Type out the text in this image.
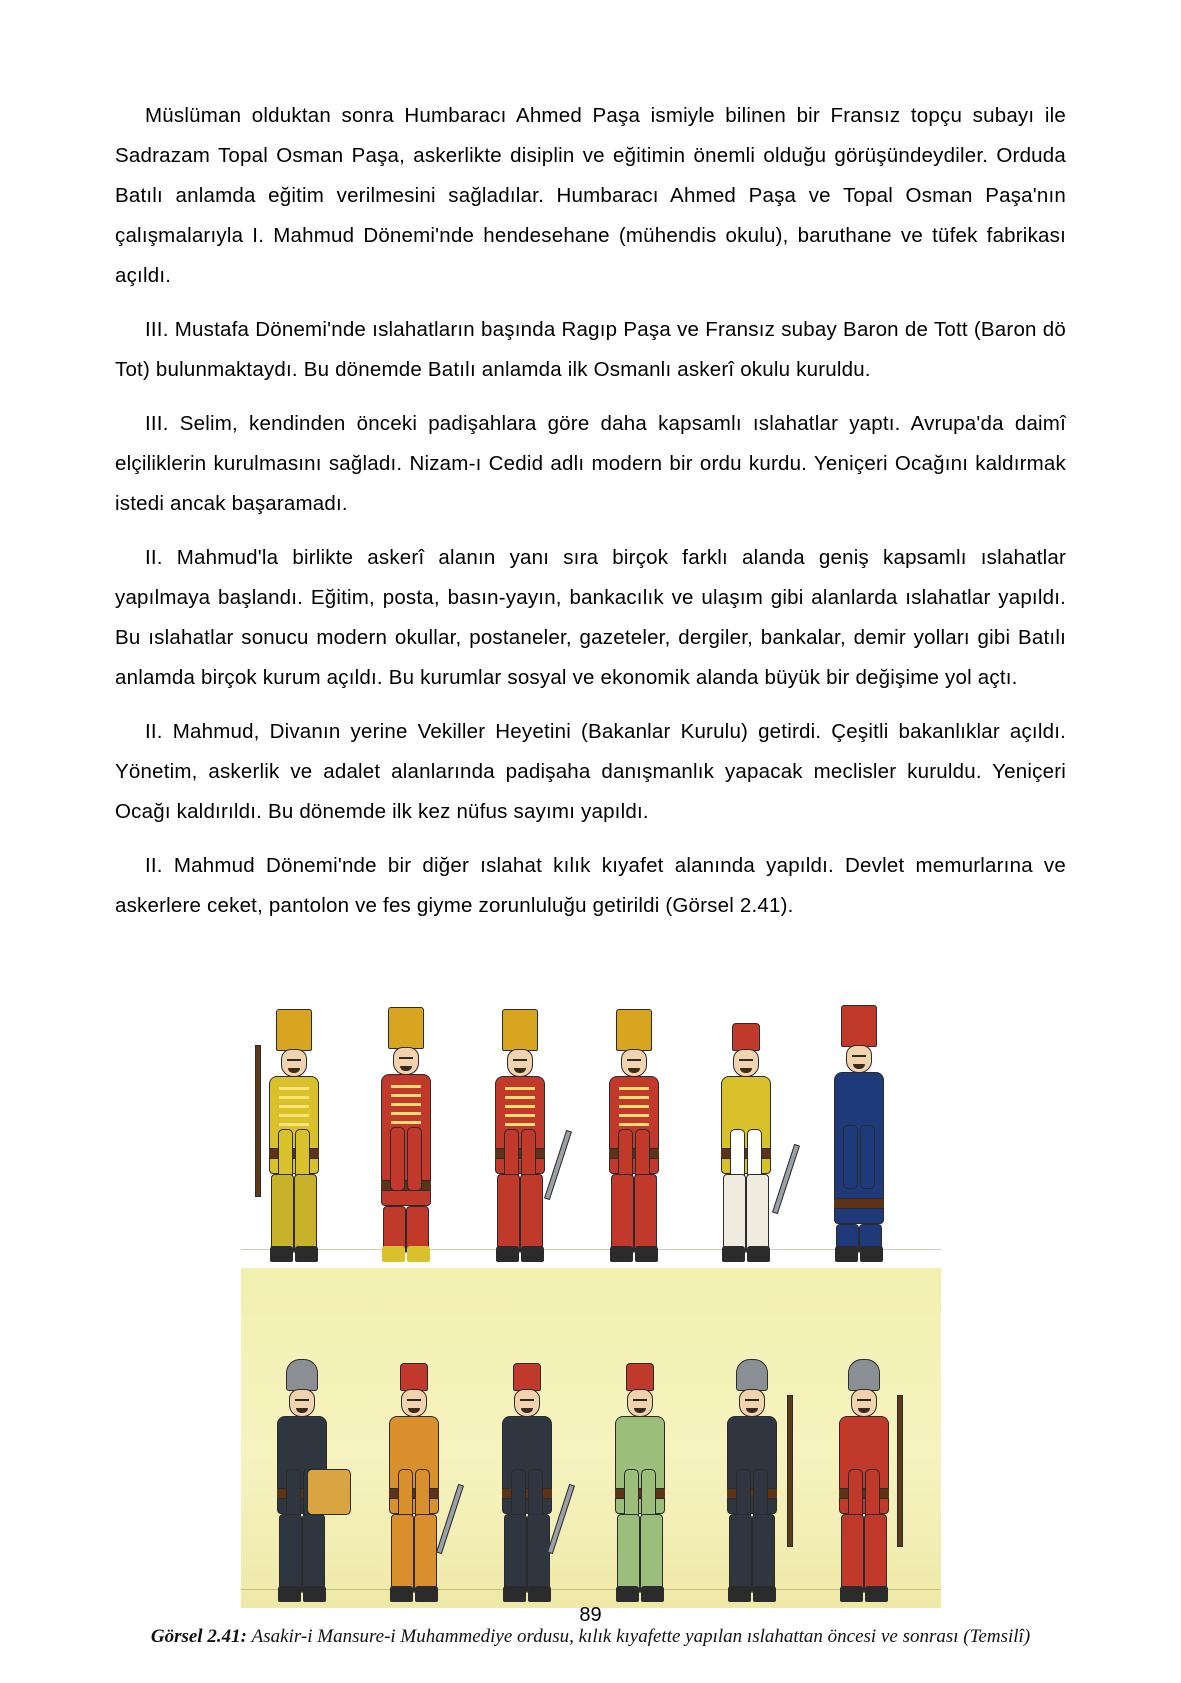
Müslüman olduktan sonra Humbaracı Ahmed Paşa ismiyle bilinen bir Fransız topçu subayı ile Sadrazam Topal Osman Paşa, askerlikte disiplin ve eğitimin önemli olduğu görüşündeydiler. Orduda Batılı anlamda eğitim verilmesini sağladılar. Humbaracı Ahmed Paşa ve Topal Osman Paşa'nın çalışmalarıyla I. Mahmud Dönemi'nde hendesehane (mühendis okulu), baruthane ve tüfek fabrikası açıldı.

III. Mustafa Dönemi'nde ıslahatların başında Ragıp Paşa ve Fransız subay Baron de Tott (Baron dö Tot) bulunmaktaydı. Bu dönemde Batılı anlamda ilk Osmanlı askerî okulu kuruldu.

III. Selim, kendinden önceki padişahlara göre daha kapsamlı ıslahatlar yaptı. Avrupa'da daimî elçiliklerin kurulmasını sağladı. Nizam-ı Cedid adlı modern bir ordu kurdu. Yeniçeri Ocağını kaldırmak istedi ancak başaramadı.

II. Mahmud'la birlikte askerî alanın yanı sıra birçok farklı alanda geniş kapsamlı ıslahatlar yapılmaya başlandı. Eğitim, posta, basın-yayın, bankacılık ve ulaşım gibi alanlarda ıslahatlar yapıldı. Bu ıslahatlar sonucu modern okullar, postaneler, gazeteler, dergiler, bankalar, demir yolları gibi Batılı anlamda birçok kurum açıldı. Bu kurumlar sosyal ve ekonomik alanda büyük bir değişime yol açtı.

II. Mahmud, Divanın yerine Vekiller Heyetini (Bakanlar Kurulu) getirdi. Çeşitli bakanlıklar açıldı. Yönetim, askerlik ve adalet alanlarında padişaha danışmanlık yapacak meclisler kuruldu. Yeniçeri Ocağı kaldırıldı. Bu dönemde ilk kez nüfus sayımı yapıldı.

II. Mahmud Dönemi'nde bir diğer ıslahat kılık kıyafet alanında yapıldı. Devlet memurlarına ve askerlere ceket, pantolon ve fes giyme zorunluluğu getirildi (Görsel 2.41).

Görsel 2.41: Asakir-i Mansure-i Muhammediye ordusu, kılık kıyafette yapılan ıslahattan öncesi ve sonrası (Temsilî)
89
